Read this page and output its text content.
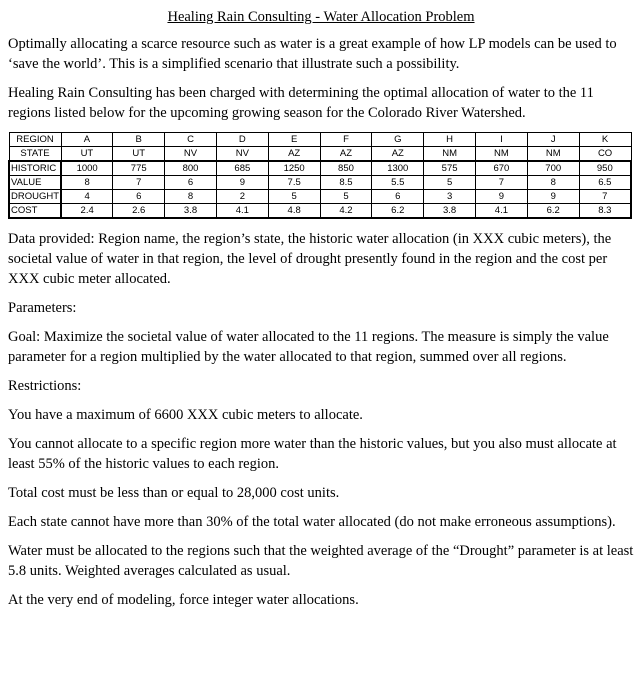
Healing Rain Consulting - Water Allocation Problem

Optimally allocating a scarce resource such as water is a great example of how LP models can be used to ‘save the world’. This is a simplified scenario that illustrate such a possibility.

Healing Rain Consulting has been charged with determining the optimal allocation of water to the 11 regions listed below for the upcoming growing season for the Colorado River Watershed.

REGION	A	B	C	D	E	F	G	H	I	J	K
STATE	UT	UT	NV	NV	AZ	AZ	AZ	NM	NM	NM	CO
HISTORIC	1000	775	800	685	1250	850	1300	575	670	700	950
VALUE	8	7	6	9	7.5	8.5	5.5	5	7	8	6.5
DROUGHT	4	6	8	2	5	5	6	3	9	9	7
COST	2.4	2.6	3.8	4.1	4.8	4.2	6.2	3.8	4.1	6.2	8.3

Data provided: Region name, the region’s state, the historic water allocation (in XXX cubic meters), the societal value of water in that region, the level of drought presently found in the region and the cost per XXX cubic meter allocated.

Parameters:

Goal: Maximize the societal value of water allocated to the 11 regions. The measure is simply the value parameter for a region multiplied by the water allocated to that region, summed over all regions.

Restrictions:

You have a maximum of 6600 XXX cubic meters to allocate.

You cannot allocate to a specific region more water than the historic values, but you also must allocate at least 55% of the historic values to each region.

Total cost must be less than or equal to 28,000 cost units.

Each state cannot have more than 30% of the total water allocated (do not make erroneous assumptions).

Water must be allocated to the regions such that the weighted average of the “Drought” parameter is at least 5.8 units. Weighted averages calculated as usual.

At the very end of modeling, force integer water allocations.
